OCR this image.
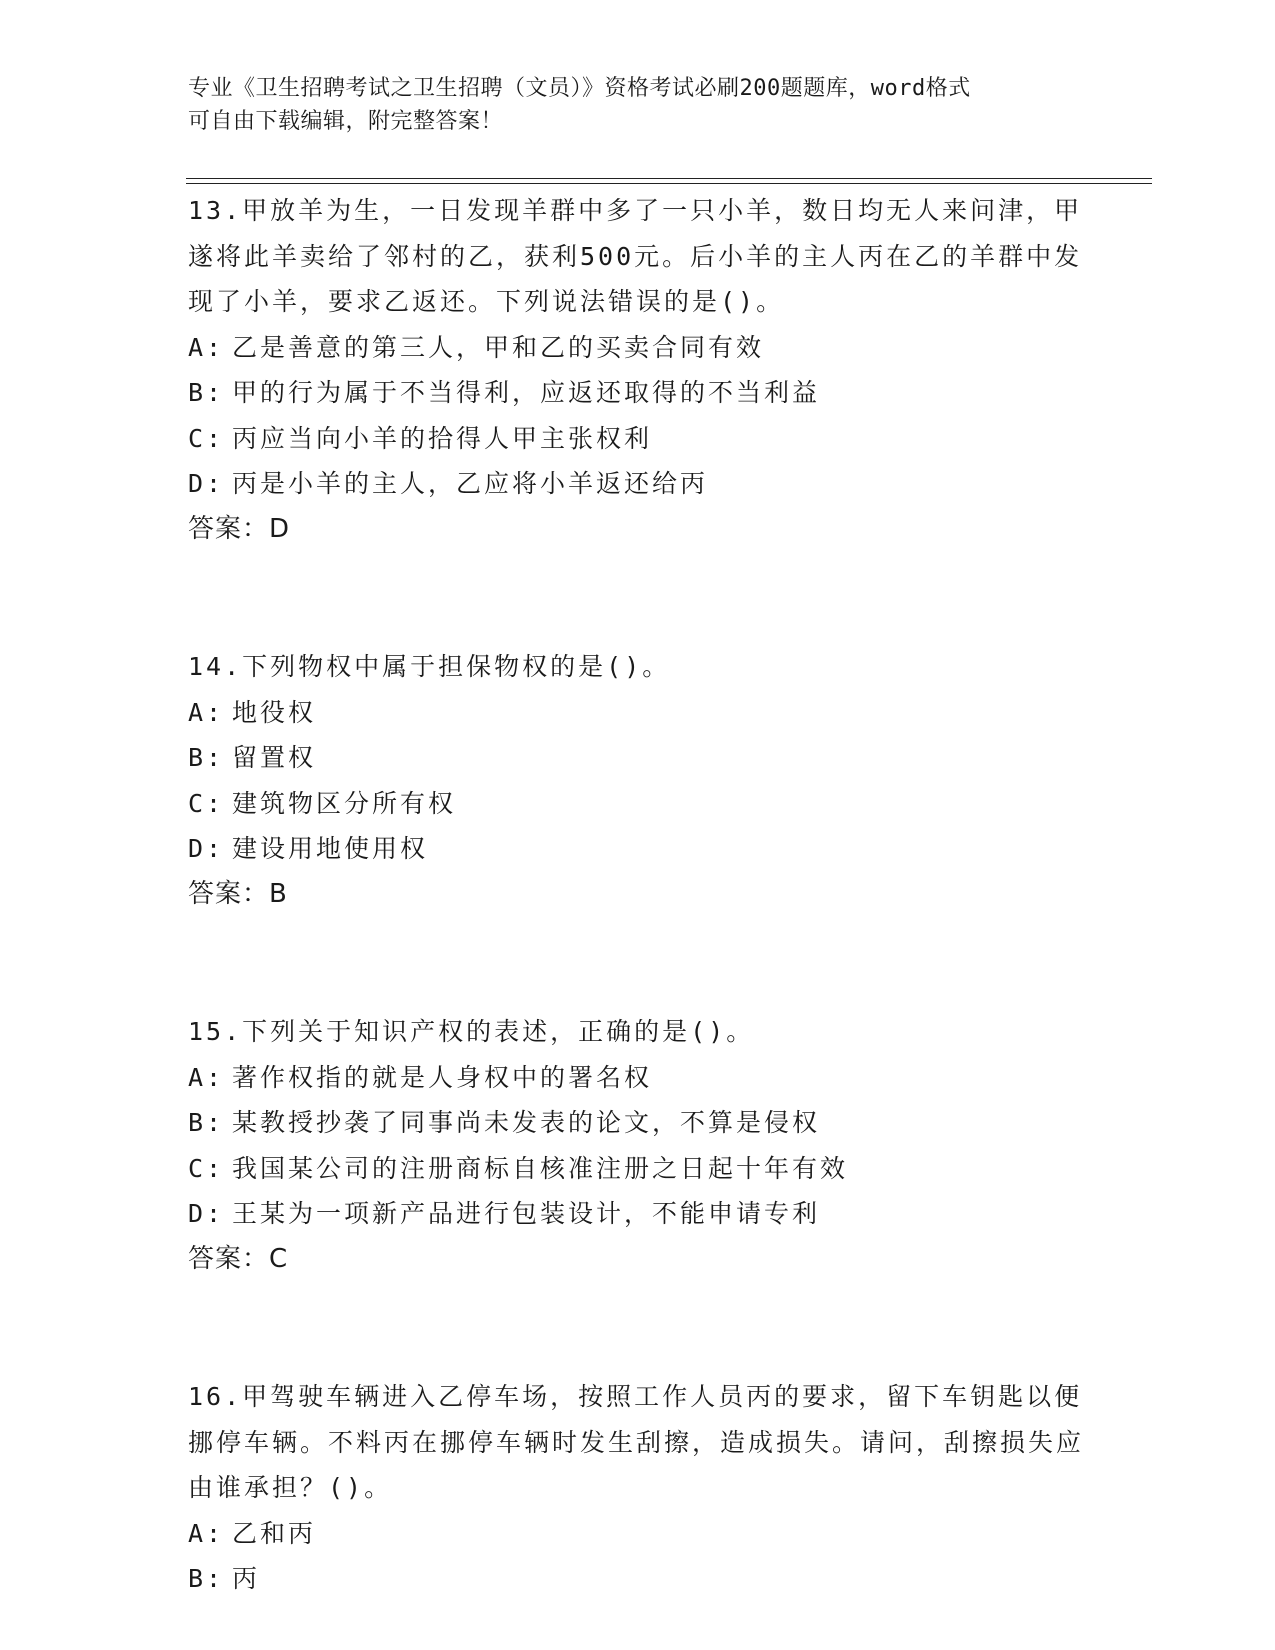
专业《卫生招聘考试之卫生招聘（文员）》资格考试必刷200题题库，word格式
可自由下载编辑，附完整答案！
13.甲放羊为生，一日发现羊群中多了一只小羊，数日均无人来问津，甲遂将此羊卖给了邻村的乙，获利500元。后小羊的主人丙在乙的羊群中发现了小羊，要求乙返还。下列说法错误的是()。
A: 乙是善意的第三人，甲和乙的买卖合同有效
B: 甲的行为属于不当得利，应返还取得的不当利益
C: 丙应当向小羊的拾得人甲主张权利
D: 丙是小羊的主人，乙应将小羊返还给丙
答案：D
14.下列物权中属于担保物权的是()。
A: 地役权
B: 留置权
C: 建筑物区分所有权
D: 建设用地使用权
答案：B
15.下列关于知识产权的表述，正确的是()。
A: 著作权指的就是人身权中的署名权
B: 某教授抄袭了同事尚未发表的论文，不算是侵权
C: 我国某公司的注册商标自核准注册之日起十年有效
D: 王某为一项新产品进行包装设计，不能申请专利
答案：C
16.甲驾驶车辆进入乙停车场，按照工作人员丙的要求，留下车钥匙以便挪停车辆。不料丙在挪停车辆时发生刮擦，造成损失。请问，刮擦损失应由谁承担？()。
A: 乙和丙
B: 丙
